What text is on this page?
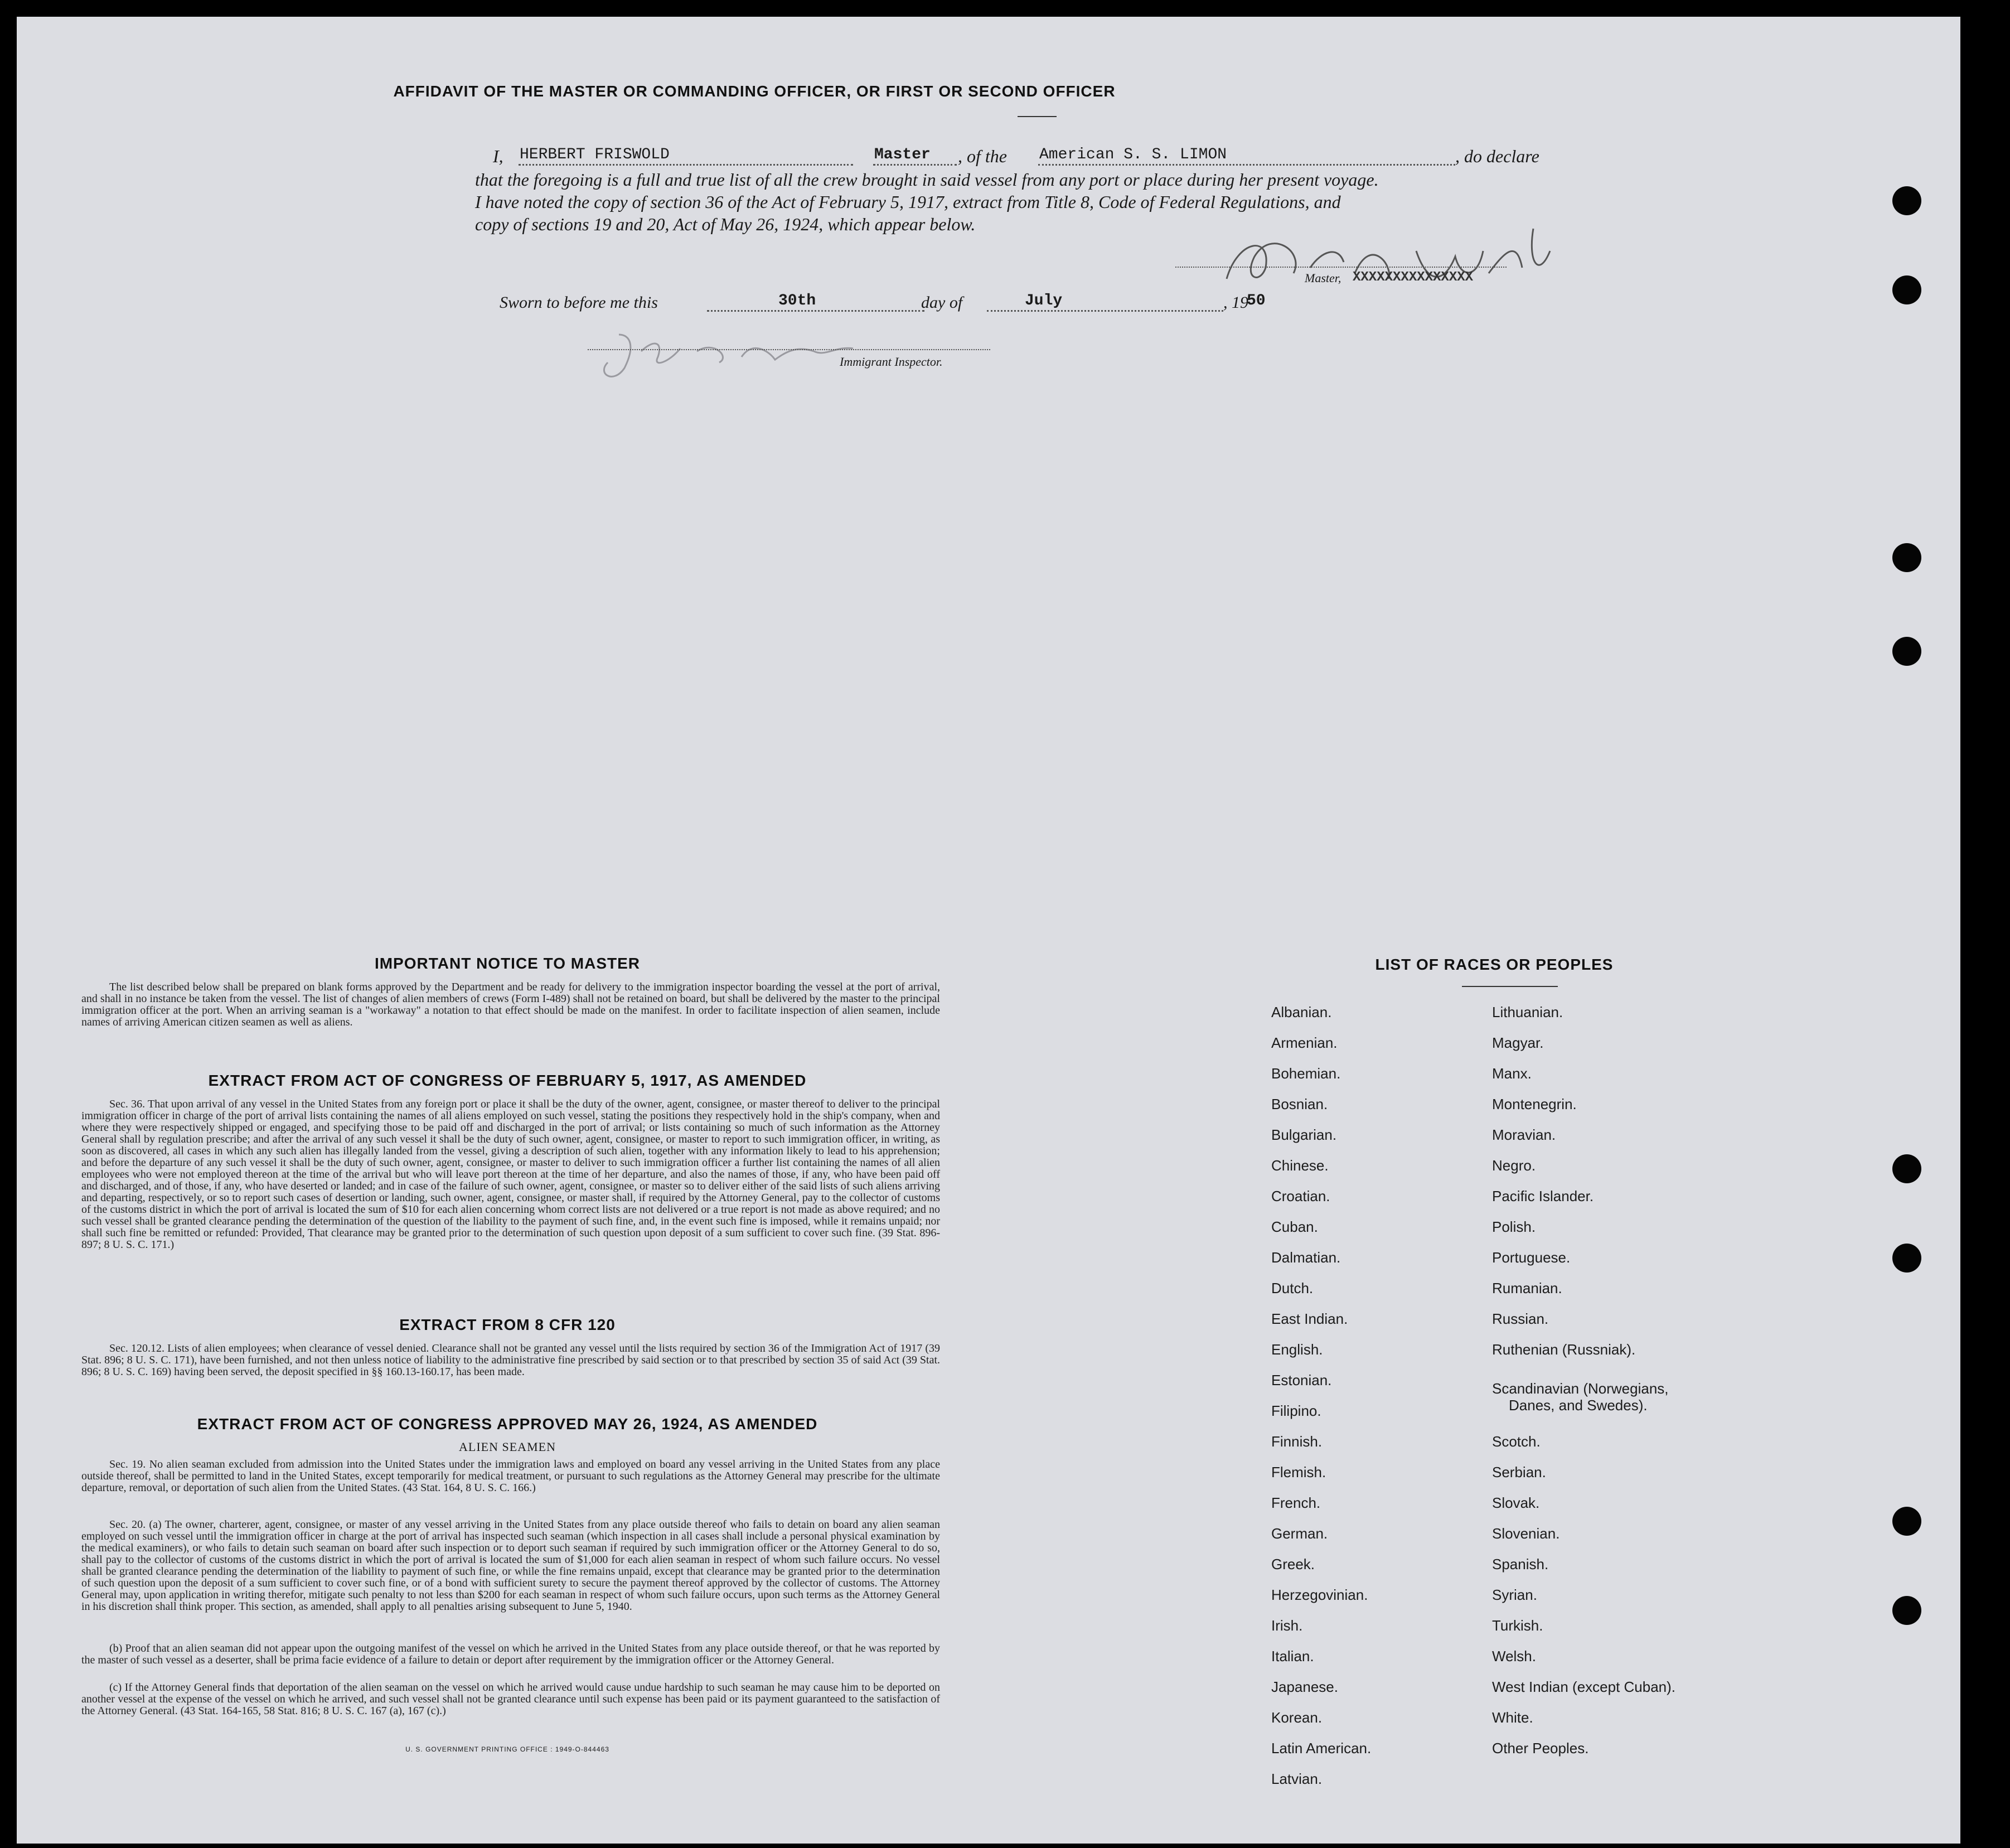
AFFIDAVIT OF THE MASTER OR COMMANDING OFFICER, OR FIRST OR SECOND OFFICER
I, HERBERT FRISWOLD	Master , of the American S. S. LIMON	, do declare
that the foregoing is a full and true list of all the crew brought in said vessel from any port or place during her present voyage.
I have noted the copy of section 36 of the Act of February 5, 1917, extract from Title 8, Code of Federal Regulations, and
copy of sections 19 and 20, Act of May 26, 1924, which appear below.
Master, XXXXXXXXXXXXXXX
Sworn to before me this	30th	day of	July	, 19
50
Immigrant Inspector.
IMPORTANT NOTICE TO MASTER
The list described below shall be prepared on blank forms approved by the Department and be ready for delivery to the immigration inspector boarding the vessel at the port of arrival, and shall in no instance be taken from the vessel. The list of changes of alien members of crews (Form I-489) shall not be retained on board, but shall be delivered by the master to the principal immigration officer at the port. When an arriving seaman is a "workaway" a notation to that effect should be made on the manifest. In order to facilitate inspection of alien seamen, include names of arriving American citizen seamen as well as aliens.
EXTRACT FROM ACT OF CONGRESS OF FEBRUARY 5, 1917, AS AMENDED
Sec. 36. That upon arrival of any vessel in the United States from any foreign port or place it shall be the duty of the owner, agent, consignee, or master thereof to deliver to the principal immigration officer in charge of the port of arrival lists containing the names of all aliens employed on such vessel, stating the positions they respectively hold in the ship's company, when and where they were respectively shipped or engaged, and specifying those to be paid off and discharged in the port of arrival; or lists containing so much of such information as the Attorney General shall by regulation prescribe; and after the arrival of any such vessel it shall be the duty of such owner, agent, consignee, or master to report to such immigration officer, in writing, as soon as discovered, all cases in which any such alien has illegally landed from the vessel, giving a description of such alien, together with any information likely to lead to his apprehension; and before the departure of any such vessel it shall be the duty of such owner, agent, consignee, or master to deliver to such immigration officer a further list containing the names of all alien employees who were not employed thereon at the time of the arrival but who will leave port thereon at the time of her departure, and also the names of those, if any, who have been paid off and discharged, and of those, if any, who have deserted or landed; and in case of the failure of such owner, agent, consignee, or master so to deliver either of the said lists of such aliens arriving and departing, respectively, or so to report such cases of desertion or landing, such owner, agent, consignee, or master shall, if required by the Attorney General, pay to the collector of customs of the customs district in which the port of arrival is located the sum of $10 for each alien concerning whom correct lists are not delivered or a true report is not made as above required; and no such vessel shall be granted clearance pending the determination of the question of the liability to the payment of such fine, and, in the event such fine is imposed, while it remains unpaid; nor shall such fine be remitted or refunded: Provided, That clearance may be granted prior to the determination of such question upon deposit of a sum sufficient to cover such fine. (39 Stat. 896-897; 8 U. S. C. 171.)
EXTRACT FROM 8 CFR 120
Sec. 120.12. Lists of alien employees; when clearance of vessel denied. Clearance shall not be granted any vessel until the lists required by section 36 of the Immigration Act of 1917 (39 Stat. 896; 8 U. S. C. 171), have been furnished, and not then unless notice of liability to the administrative fine prescribed by said section or to that prescribed by section 35 of said Act (39 Stat. 896; 8 U. S. C. 169) having been served, the deposit specified in §§ 160.13-160.17, has been made.
EXTRACT FROM ACT OF CONGRESS APPROVED MAY 26, 1924, AS AMENDED
ALIEN SEAMEN
Sec. 19. No alien seaman excluded from admission into the United States under the immigration laws and employed on board any vessel arriving in the United States from any place outside thereof, shall be permitted to land in the United States, except temporarily for medical treatment, or pursuant to such regulations as the Attorney General may prescribe for the ultimate departure, removal, or deportation of such alien from the United States. (43 Stat. 164, 8 U. S. C. 166.)
Sec. 20. (a) The owner, charterer, agent, consignee, or master of any vessel arriving in the United States from any place outside thereof who fails to detain on board any alien seaman employed on such vessel until the immigration officer in charge at the port of arrival has inspected such seaman (which inspection in all cases shall include a personal physical examination by the medical examiners), or who fails to detain such seaman on board after such inspection or to deport such seaman if required by such immigration officer or the Attorney General to do so, shall pay to the collector of customs of the customs district in which the port of arrival is located the sum of $1,000 for each alien seaman in respect of whom such failure occurs. No vessel shall be granted clearance pending the determination of the liability to payment of such fine, or while the fine remains unpaid, except that clearance may be granted prior to the determination of such question upon the deposit of a sum sufficient to cover such fine, or of a bond with sufficient surety to secure the payment thereof approved by the collector of customs. The Attorney General may, upon application in writing therefor, mitigate such penalty to not less than $200 for each seaman in respect of whom such failure occurs, upon such terms as the Attorney General in his discretion shall think proper. This section, as amended, shall apply to all penalties arising subsequent to June 5, 1940.
(b) Proof that an alien seaman did not appear upon the outgoing manifest of the vessel on which he arrived in the United States from any place outside thereof, or that he was reported by the master of such vessel as a deserter, shall be prima facie evidence of a failure to detain or deport after requirement by the immigration officer or the Attorney General.
(c) If the Attorney General finds that deportation of the alien seaman on the vessel on which he arrived would cause undue hardship to such seaman he may cause him to be deported on another vessel at the expense of the vessel on which he arrived, and such vessel shall not be granted clearance until such expense has been paid or its payment guaranteed to the satisfaction of the Attorney General. (43 Stat. 164-165, 58 Stat. 816; 8 U. S. C. 167 (a), 167 (c).)
U. S. GOVERNMENT PRINTING OFFICE : 1949-O-844463
LIST OF RACES OR PEOPLES
Albanian.
Armenian.
Bohemian.
Bosnian.
Bulgarian.
Chinese.
Croatian.
Cuban.
Dalmatian.
Dutch.
East Indian.
English.
Estonian.
Filipino.
Finnish.
Flemish.
French.
German.
Greek.
Herzegovinian.
Irish.
Italian.
Japanese.
Korean.
Latin American.
Latvian.
Lithuanian.
Magyar.
Manx.
Montenegrin.
Moravian.
Negro.
Pacific Islander.
Polish.
Portuguese.
Rumanian.
Russian.
Ruthenian (Russniak).
Scandinavian (Norwegians,
Danes, and Swedes).
Scotch.
Serbian.
Slovak.
Slovenian.
Spanish.
Syrian.
Turkish.
Welsh.
West Indian (except Cuban).
White.
Other Peoples.
